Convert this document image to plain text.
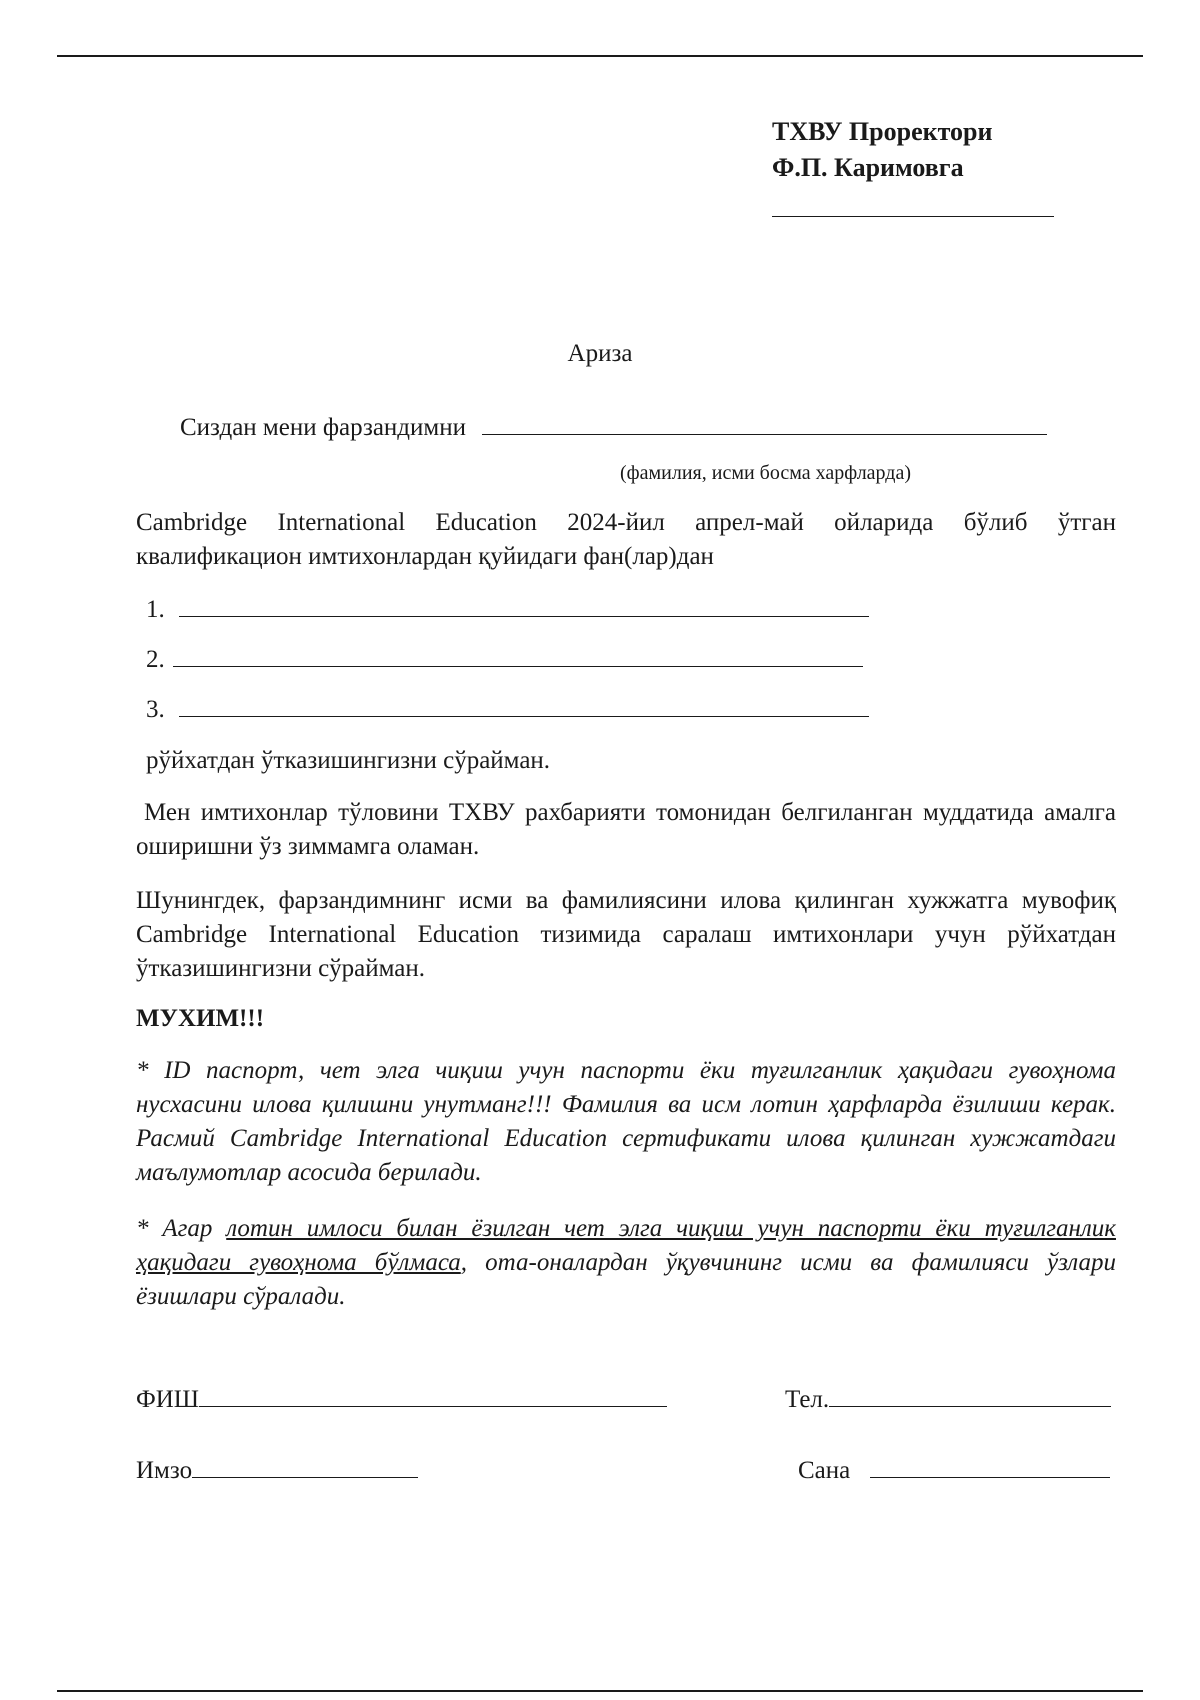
ТХВУ Проректори
Ф.П. Каримовга
Ариза
Сиздан мени фарзандимни
(фамилия, исми босма харфларда)
Cambridge International Education 2024-йил апрел-май ойларида бўлиб ўтган квалификацион имтихонлардан қуйидаги фан(лар)дан
1.
2.
3.
рўйхатдан ўтказишингизни сўрайман.
Мен имтихонлар тўловини ТХВУ рахбарияти томонидан белгиланган муддатида амалга оширишни ўз зиммамга оламан.
Шунингдек, фарзандимнинг исми ва фамилиясини илова қилинган хужжатга мувофиқ Cambridge International Education тизимида саралаш имтихонлари учун рўйхатдан ўтказишингизни сўрайман.
МУХИМ!!!
* ID паспорт, чет элга чиқиш учун паспорти ёки туғилганлик ҳақидаги гувоҳнома нусхасини илова қилишни унутманг!!! Фамилия ва исм лотин ҳарфларда ёзилиши керак. Расмий Cambridge International Education сертификати илова қилинган хужжатдаги маълумотлар асосида берилади.
* Агар лотин имлоси билан ёзилган чет элга чиқиш учун паспорти ёки туғилганлик ҳақидаги гувоҳнома бўлмаса, ота-оналардан ўқувчининг исми ва фамилияси ўзлари ёзишлари сўралади.
ФИШ	Тел.
Имзо	Сана
